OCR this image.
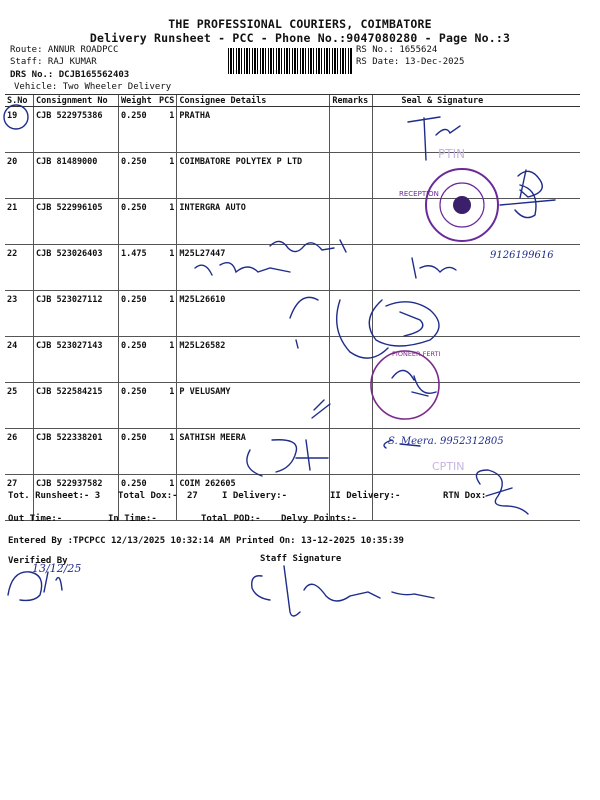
THE PROFESSIONAL COURIERS, COIMBATORE
Delivery Runsheet - PCC - Phone No.:9047080280 - Page No.:3
Route: ANNUR ROADPCC
Staff: RAJ KUMAR
DRS No.: DCJB165562403
Vehicle: Two Wheeler Delivery
RS No.: 1655624
RS Date: 13-Dec-2025
S.No	Consignment No	Weight	PCS	Consignee Details	Remarks	Seal & Signature
19	CJB 522975386	0.250	1	PRATHA		
20	CJB 81489000	0.250	1	COIMBATORE POLYTEX P LTD		
21	CJB 522996105	0.250	1	INTERGRA AUTO		
22	CJB 523026403	1.475	1	M25L27447		
23	CJB 523027112	0.250	1	M25L26610		
24	CJB 523027143	0.250	1	M25L26582		
25	CJB 522584215	0.250	1	P VELUSAMY		
26	CJB 522338201	0.250	1	SATHISH MEERA		
27	CJB 522937582	0.250	1	COIM 262605		
Tot. Runsheet:- 3 Total Dox:- 27	I Delivery:-	II Delivery:-	RTN Dox:
Out Time:-	In Time:-	Total POD:- Delvy Points:-
Entered By :TPCPCC 12/13/2025 10:32:14 AM Printed On: 13-12-2025 10:35:39
Verified By	Staff Signature
RECEPTION
PTIN
PIONEER FERTI
CPTIN
9126199616
S. Meera. 9952312805
13/12/25
